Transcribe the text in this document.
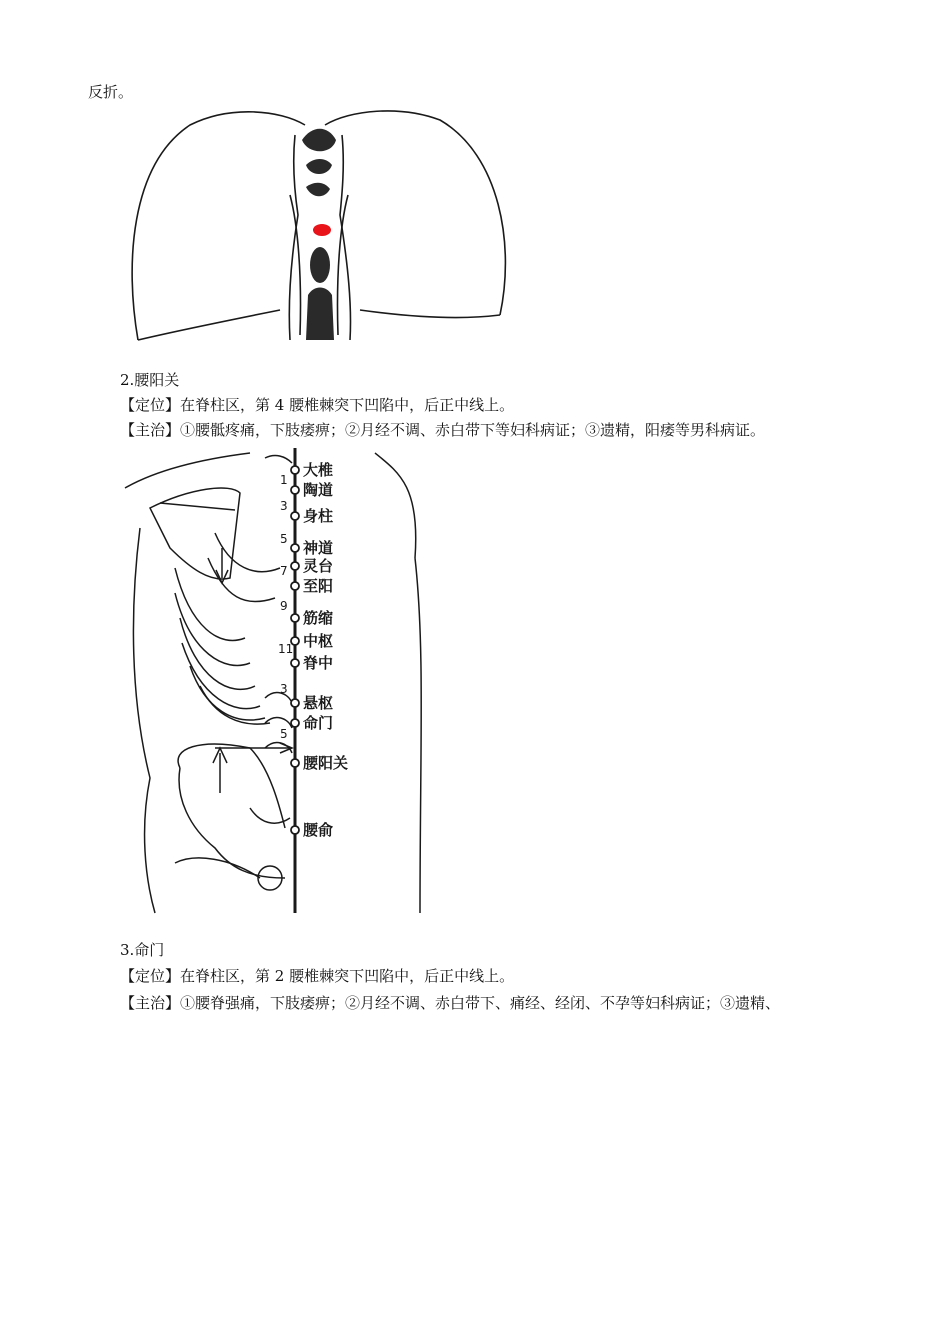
反折。
2.腰阳关
【定位】在脊柱区，第 4 腰椎棘突下凹陷中，后正中线上。
【主治】①腰骶疼痛，下肢痿痹；②月经不调、赤白带下等妇科病证；③遗精，阳痿等男科病证。
1
3
5
7
9
11
3
5
大椎
陶道
身柱
神道
灵台
至阳
筋缩
中枢
脊中
悬枢
命门
腰阳关
腰俞
3.命门
【定位】在脊柱区，第 2 腰椎棘突下凹陷中，后正中线上。
【主治】①腰脊强痛，下肢痿痹；②月经不调、赤白带下、痛经、经闭、不孕等妇科病证；③遗精、
